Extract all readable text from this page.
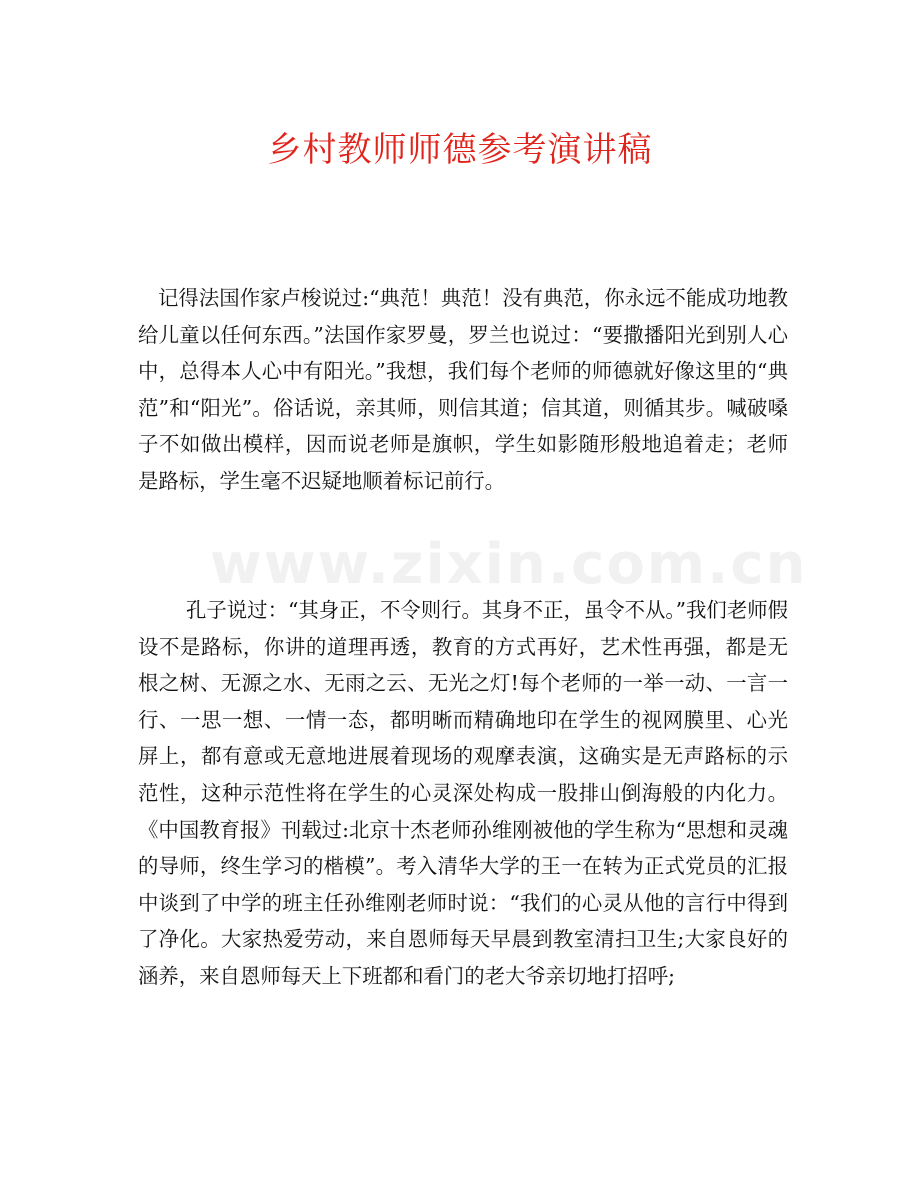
乡村教师师德参考演讲稿
www.zixin.com.cn

记得法国作家卢梭说过:“典范！典范！没有典范，你永远不能成功地教给儿童以任何东西。”法国作家罗曼，罗兰也说过：“要撒播阳光到别人心中，总得本人心中有阳光。”我想，我们每个老师的师德就好像这里的“典范”和“阳光”。俗话说，亲其师，则信其道；信其道，则循其步。喊破嗓子不如做出模样，因而说老师是旗帜，学生如影随形般地追着走；老师是路标，学生毫不迟疑地顺着标记前行。

孔子说过：“其身正，不令则行。其身不正，虽令不从。”我们老师假设不是路标，你讲的道理再透，教育的方式再好，艺术性再强，都是无根之树、无源之水、无雨之云、无光之灯!每个老师的一举一动、一言一行、一思一想、一情一态，都明晰而精确地印在学生的视网膜里、心光屏上，都有意或无意地进展着现场的观摩表演，这确实是无声路标的示范性，这种示范性将在学生的心灵深处构成一股排山倒海般的内化力。《中国教育报》刊载过:北京十杰老师孙维刚被他的学生称为“思想和灵魂的导师，终生学习的楷模”。考入清华大学的王一在转为正式党员的汇报中谈到了中学的班主任孙维刚老师时说：“我们的心灵从他的言行中得到了净化。大家热爱劳动，来自恩师每天早晨到教室清扫卫生;大家良好的涵养，来自恩师每天上下班都和看门的老大爷亲切地打招呼;
